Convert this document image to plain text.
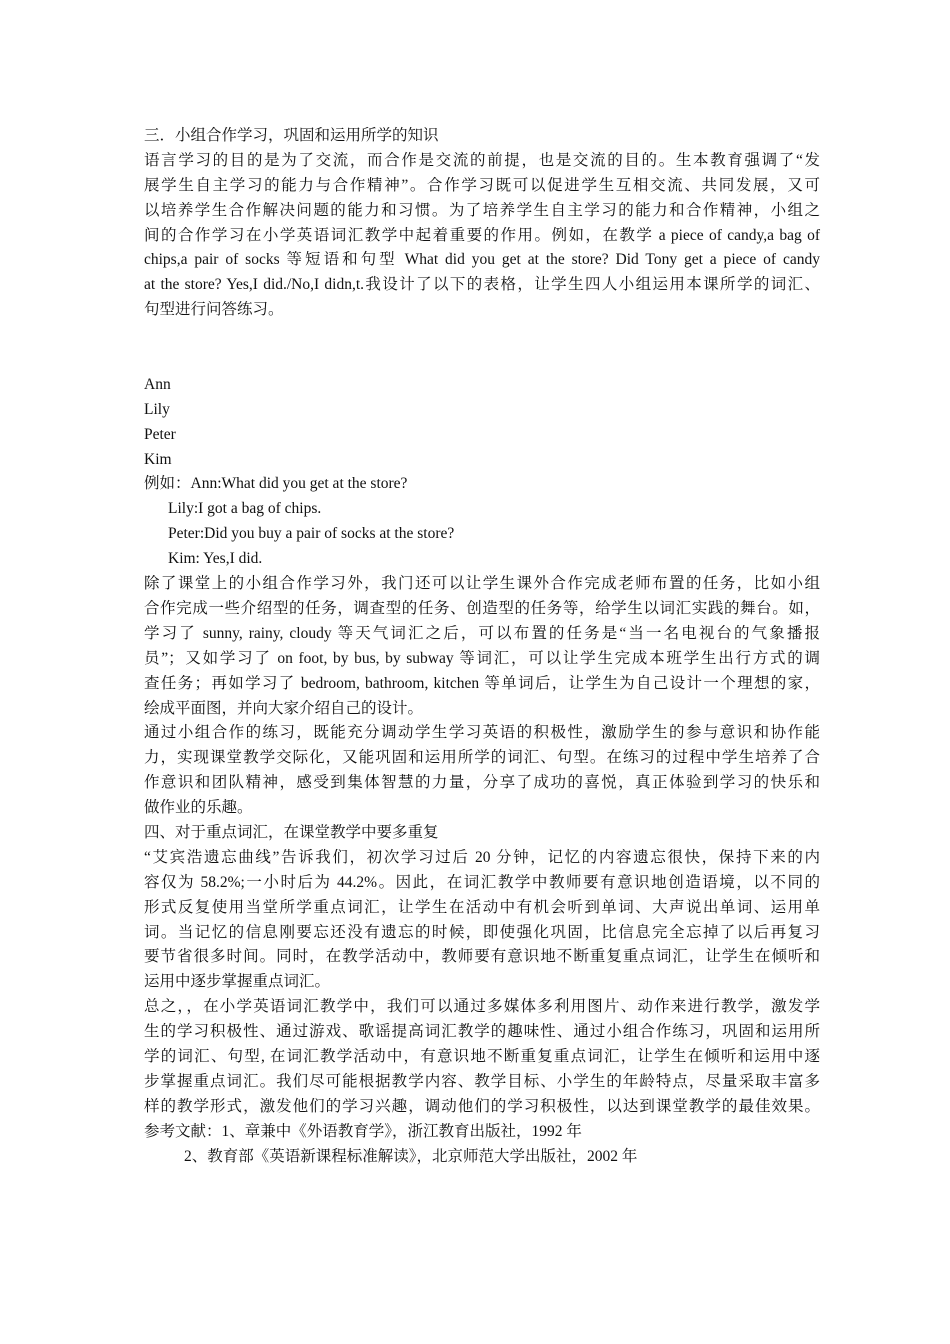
三．小组合作学习，巩固和运用所学的知识
语言学习的目的是为了交流，而合作是交流的前提，也是交流的目的。生本教育强调了“发
展学生自主学习的能力与合作精神”。合作学习既可以促进学生互相交流、共同发展，又可
以培养学生合作解决问题的能力和习惯。为了培养学生自主学习的能力和合作精神，小组之
间的合作学习在小学英语词汇教学中起着重要的作用。例如，在教学 a piece of candy,a bag of
chips,a pair of socks 等短语和句型 What did you get at the store? Did Tony get a piece of candy
at the store? Yes,I did./No,I didn,t.我设计了以下的表格，让学生四人小组运用本课所学的词汇、
句型进行问答练习。
Ann
Lily
Peter
Kim
例如：Ann:What did you get at the store?
Lily:I got a bag of chips.
Peter:Did you buy a pair of socks at the store?
Kim: Yes,I did.
除了课堂上的小组合作学习外，我门还可以让学生课外合作完成老师布置的任务，比如小组
合作完成一些介绍型的任务，调查型的任务、创造型的任务等，给学生以词汇实践的舞台。如，
学习了 sunny, rainy, cloudy 等天气词汇之后，可以布置的任务是“当一名电视台的气象播报
员”；又如学习了 on foot, by bus, by subway 等词汇，可以让学生完成本班学生出行方式的调
查任务；再如学习了 bedroom, bathroom, kitchen 等单词后，让学生为自己设计一个理想的家，
绘成平面图，并向大家介绍自己的设计。
通过小组合作的练习，既能充分调动学生学习英语的积极性，激励学生的参与意识和协作能
力，实现课堂教学交际化，又能巩固和运用所学的词汇、句型。在练习的过程中学生培养了合
作意识和团队精神，感受到集体智慧的力量，分享了成功的喜悦，真正体验到学习的快乐和
做作业的乐趣。
四、对于重点词汇，在课堂教学中要多重复
“艾宾浩遗忘曲线”告诉我们，初次学习过后 20 分钟，记忆的内容遗忘很快，保持下来的内
容仅为 58.2%;一小时后为 44.2%。因此，在词汇教学中教师要有意识地创造语境，以不同的
形式反复使用当堂所学重点词汇，让学生在活动中有机会听到单词、大声说出单词、运用单
词。当记忆的信息刚要忘还没有遗忘的时候，即使强化巩固，比信息完全忘掉了以后再复习
要节省很多时间。同时，在教学活动中，教师要有意识地不断重复重点词汇，让学生在倾听和
运用中逐步掌握重点词汇。
总之，，在小学英语词汇教学中，我们可以通过多媒体多利用图片、动作来进行教学，激发学
生的学习积极性、通过游戏、歌谣提高词汇教学的趣味性、通过小组合作练习，巩固和运用所
学的词汇、句型, 在词汇教学活动中，有意识地不断重复重点词汇，让学生在倾听和运用中逐
步掌握重点词汇。我们尽可能根据教学内容、教学目标、小学生的年龄特点，尽量采取丰富多
样的教学形式，激发他们的学习兴趣，调动他们的学习积极性，以达到课堂教学的最佳效果。
参考文献：1、章兼中《外语教育学》，浙江教育出版社，1992 年
2、教育部《英语新课程标准解读》，北京师范大学出版社，2002 年
